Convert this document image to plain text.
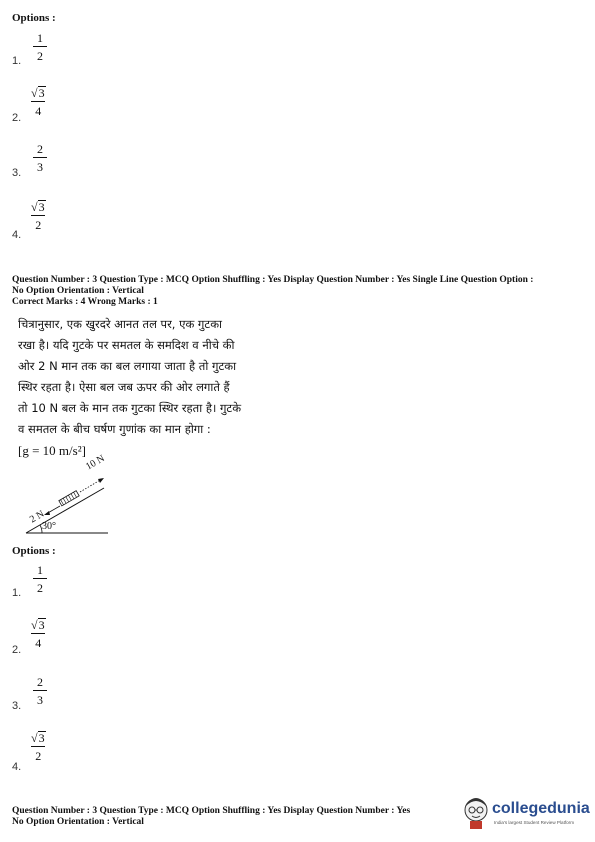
Options :
1.
1
2
2.
√ 3
4
3.
2
3
4.
√ 3
2
Question Number : 3 Question Type : MCQ Option Shuffling : Yes Display Question Number : Yes Single Line Question Option :
No Option Orientation : Vertical
Correct Marks : 4 Wrong Marks : 1
चित्रानुसार, एक खुरदरे आनत तल पर, एक गुटका
रखा है। यदि गुटके पर समतल के समदिश व नीचे की
ओर 2 N मान तक का बल लगाया जाता है तो गुटका
स्थिर रहता है। ऐसा बल जब ऊपर की ओर लगाते हैं
तो 10 N बल के मान तक गुटका स्थिर रहता है। गुटके
व समतल के बीच घर्षण गुणांक का मान होगा :
[g = 10 m/s²]
10 N
2 N
30°
Options :
1.
1
2
2.
√ 3
4
3.
2
3
4.
√ 3
2
Question Number : 3 Question Type : MCQ Option Shuffling : Yes Display Question Number : Yes
No Option Orientation : Vertical
collegedunia
India's largest Student Review Platform
